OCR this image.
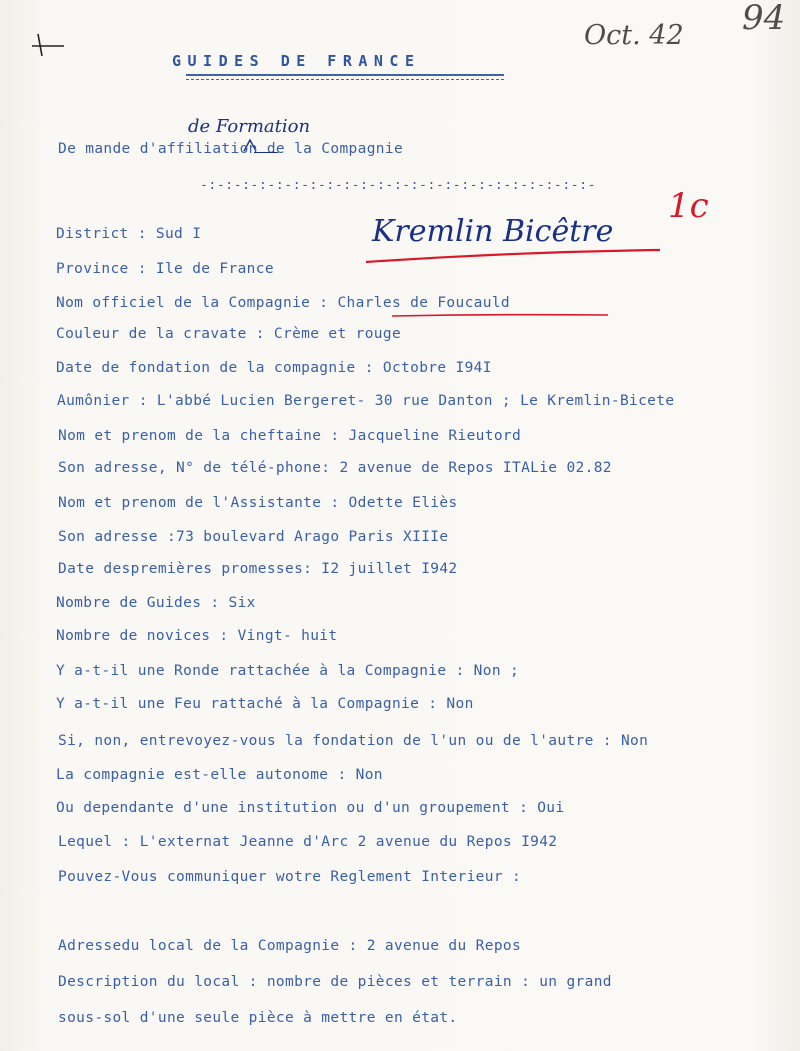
Oct. 42 94
GUIDES DE FRANCE
de Formation
De mande d'affiliation de la Compagnie
-:-:-:-:-:-:-:-:-:-:-:-:-:-:-:-:-:-:-:-:-:-:-:-
Kremlin Bicêtre
1c
District : Sud I
Province : Ile de France
Nom officiel de la Compagnie : Charles de Foucauld
Couleur de la cravate : Crème et rouge
Date de fondation de la compagnie : Octobre I94I
Aumônier : L'abbé Lucien Bergeret- 30 rue Danton ; Le Kremlin-Bicete
Nom et prenom de la cheftaine : Jacqueline Rieutord
Son adresse, N° de télé-phone: 2 avenue de Repos ITALie 02.82
Nom et prenom de l'Assistante : Odette Eliès
Son adresse :73 boulevard Arago Paris XIIIe
Date despremières promesses: I2 juillet I942
Nombre de Guides : Six
Nombre de novices : Vingt- huit
Y a-t-il une Ronde rattachée à la Compagnie : Non ;
Y a-t-il une Feu rattaché à la Compagnie : Non
Si, non, entrevoyez-vous la fondation de l'un ou de l'autre : Non
La compagnie est-elle autonome : Non
Ou dependante d'une institution ou d'un groupement : Oui
Lequel : L'externat Jeanne d'Arc 2 avenue du Repos I942
Pouvez-Vous communiquer wotre Reglement Interieur :
Adressedu local de la Compagnie : 2 avenue du Repos
Description du local : nombre de pièces et terrain : un grand
sous-sol d'une seule pièce à mettre en état.
